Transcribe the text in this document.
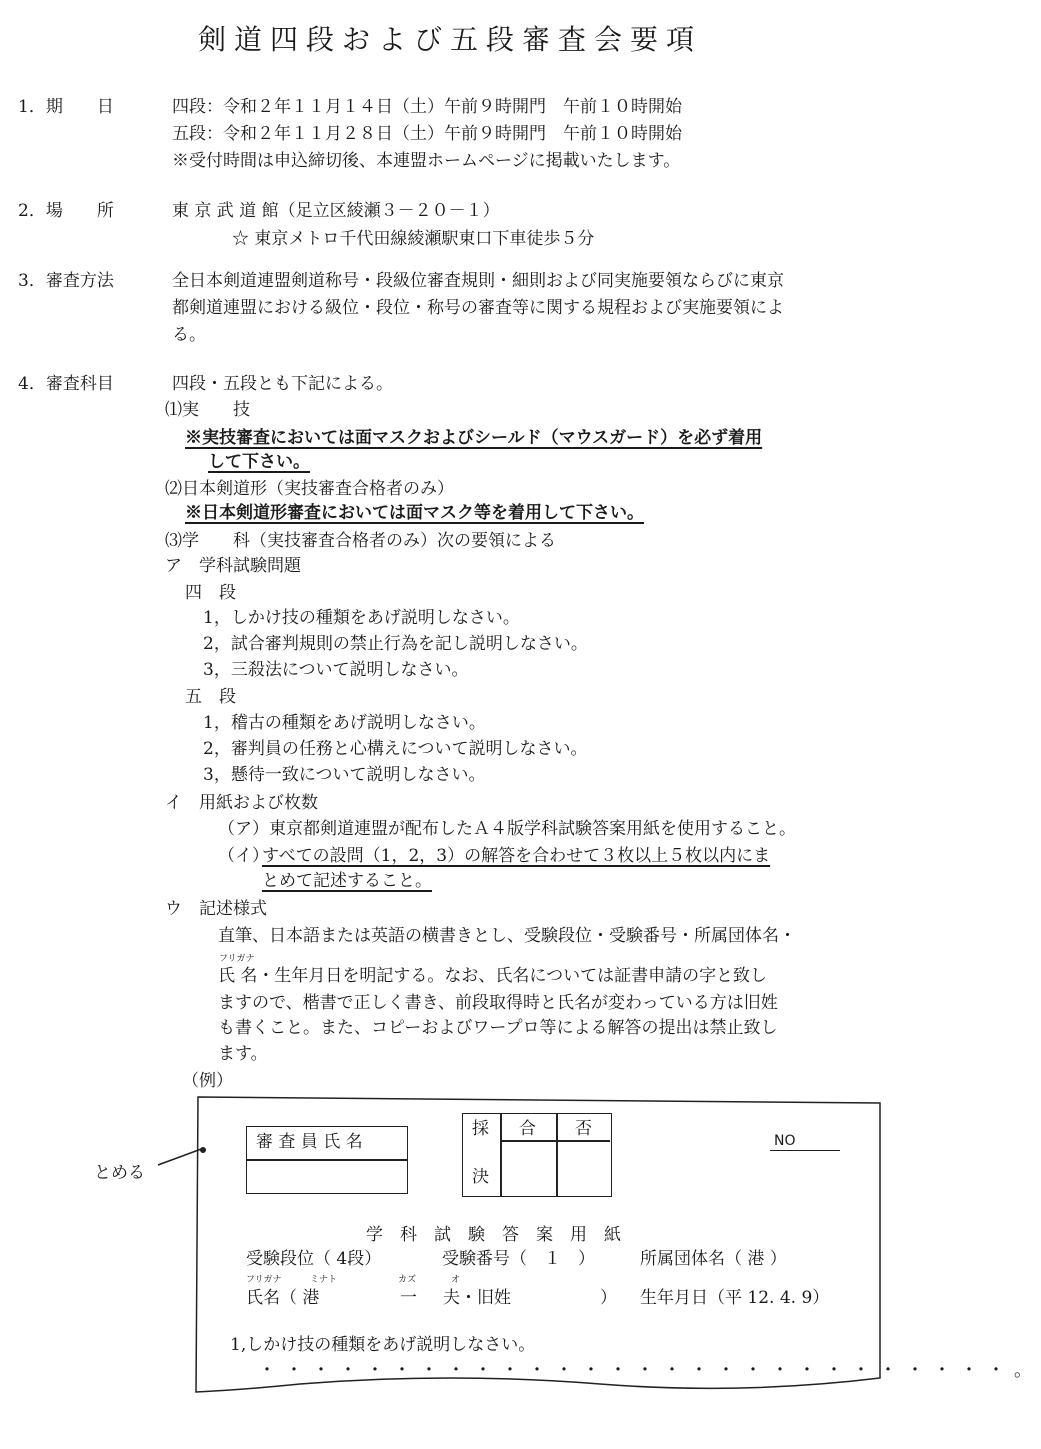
剣道四段および五段審査会要項
1．期　　日	四段：令和２年１１月１４日（土）午前９時開門　午前１０時開始
五段：令和２年１１月２８日（土）午前９時開門　午前１０時開始
※受付時間は申込締切後、本連盟ホームページに掲載いたします。
2．場　　所	東 京 武 道 館（足立区綾瀬３－２０－１）
☆ 東京メトロ千代田線綾瀬駅東口下車徒歩５分
3．審査方法	全日本剣道連盟剣道称号・段級位審査規則・細則および同実施要領ならびに東京
都剣道連盟における級位・段位・称号の審査等に関する規程および実施要領によ
る。
4．審査科目	四段・五段とも下記による。
⑴実　　技
※実技審査においては面マスクおよびシールド（マウスガード）を必ず着用
して下さい。
⑵日本剣道形（実技審査合格者のみ）
※日本剣道形審査においては面マスク等を着用して下さい。
⑶学　　科（実技審査合格者のみ）次の要領による
ア　学科試験問題
四　段
1，しかけ技の種類をあげ説明しなさい。
2，試合審判規則の禁止行為を記し説明しなさい。
3，三殺法について説明しなさい。
五　段
1，稽古の種類をあげ説明しなさい。
2，審判員の任務と心構えについて説明しなさい。
3，懸待一致について説明しなさい。
イ　用紙および枚数
（ア）東京都剣道連盟が配布したＡ４版学科試験答案用紙を使用すること。
（イ）
すべての設問（1，2，3）の解答を合わせて３枚以上５枚以内にま
とめて記述すること。
ウ　記述様式
直筆、日本語または英語の横書きとし、受験段位・受験番号・所属団体名・
フリガナ
氏 名・生年月日を明記する。なお、氏名については証書申請の字と致し
ますので、楷書で正しく書き、前段取得時と氏名が変わっている方は旧姓
も書くこと。また、コピーおよびワープロ等による解答の提出は禁止致し
ます。
（例）
とめる
審 査 員 氏 名
採
決
合 否
NO
学　科　試　験　答　案　用　紙
受験段位（ 4段）	受験番号（　１　）	所属団体名（ 港 ）
フリガナ	ミナト	カズ	オ
氏名（ 港	一 夫・旧姓	） 生年月日（平 12. 4. 9）
1,しかけ技の種類をあげ説明しなさい。
・・・・・・・・・・・・・・・・・・・・・・・・・・・・。
